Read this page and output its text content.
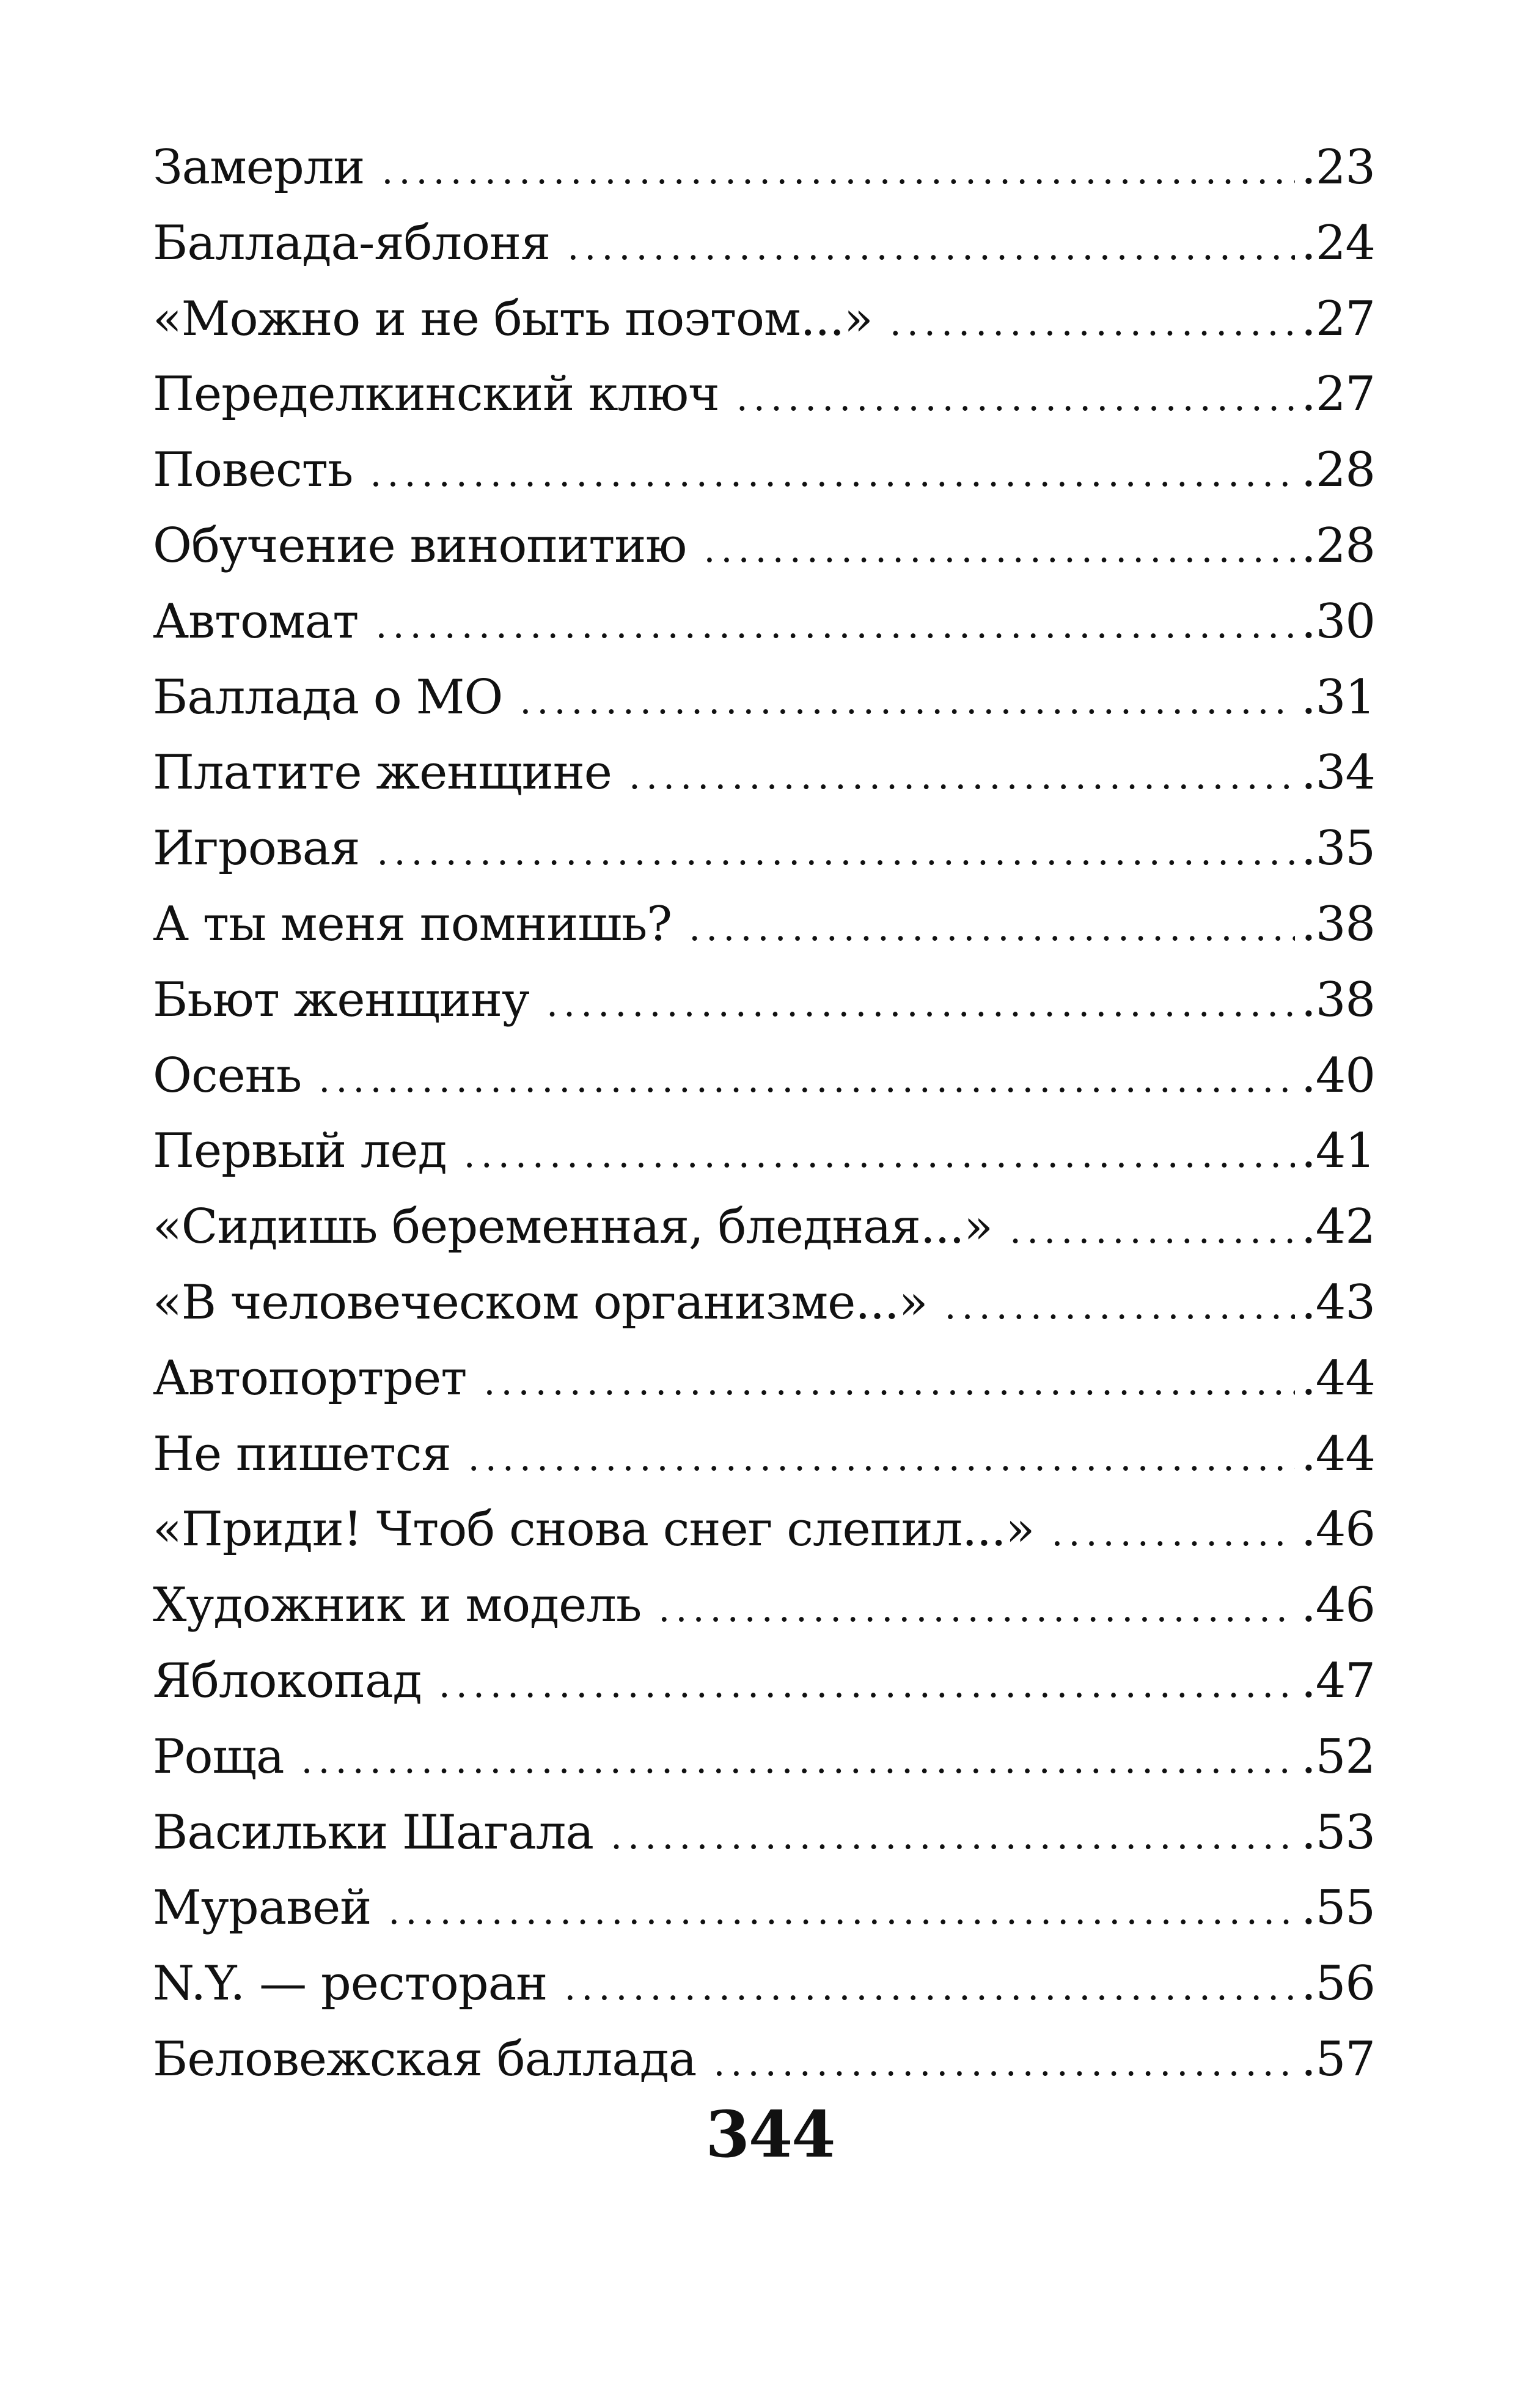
Замерли .....	.23
Баллада-яблоня .....	.24
«Можно и не быть поэтом...» .....	.27
Переделкинский ключ .....	.27
Повесть .....	.28
Обучение винопитию .....	.28
Автомат .....	.30
Баллада о МО .....	.31
Платите женщине .....	.34
Игровая .....	.35
А ты меня помнишь? .....	.38
Бьют женщину .....	.38
Осень .....	.40
Первый лед .....	.41
«Сидишь беременная, бледная...» .....	.42
«В человеческом организме...» .....	.43
Автопортрет .....	.44
Не пишется .....	.44
«Приди! Чтоб снова снег слепил...» .....	.46
Художник и модель .....	.46
Яблокопад .....	.47
Роща .....	.52
Васильки Шагала .....	.53
Муравей .....	.55
N.Y. — ресторан .....	.56
Беловежская баллада .....	.57
344
